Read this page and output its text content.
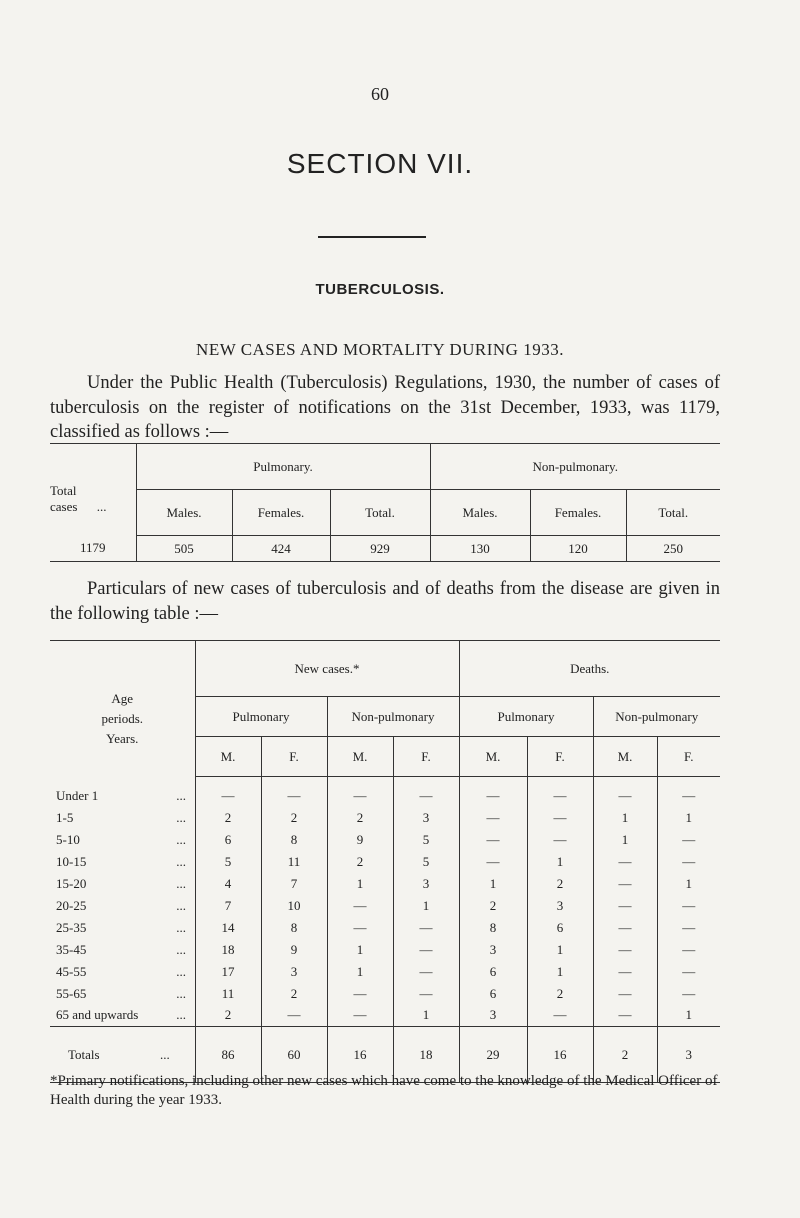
60
SECTION VII.
TUBERCULOSIS.
NEW CASES AND MORTALITY DURING 1933.
Under the Public Health (Tuberculosis) Regulations, 1930, the number of cases of tuberculosis on the register of notifications on the 31st December, 1933, was 1179, classified as follows :—
Total
cases ...	Pulmonary.			Non-pulmonary.		
	Males.	Females.	Total.	Males.	Females.	Total.
1179	505	424	929	130	120	250
Particulars of new cases of tuberculosis and of deaths from the disease are given in the following table :—
Age
periods.
Years.	New cases.*				Deaths.			
	Pulmonary		Non-pulmonary		Pulmonary		Non-pulmonary	
	M.	F.	M.	F.	M.	F.	M.	F.
Under 1 ...	—	—	—	—	—	—	—	—
1-5 ...	2	2	2	3	—	—	1	1
5-10 ...	6	8	9	5	—	—	1	—
10-15 ...	5	11	2	5	—	1	—	—
15-20 ...	4	7	1	3	1	2	—	1
20-25 ...	7	10	—	1	2	3	—	—
25-35 ...	14	8	—	—	8	6	—	—
35-45 ...	18	9	1	—	3	1	—	—
45-55 ...	17	3	1	—	6	1	—	—
55-65 ...	11	2	—	—	6	2	—	—
65 and upwards ...	2	—	—	1	3	—	—	1
Totals ...	86	60	16	18	29	16	2	3
*Primary notifications, including other new cases which have come to the knowledge of the Medical Officer of Health during the year 1933.
